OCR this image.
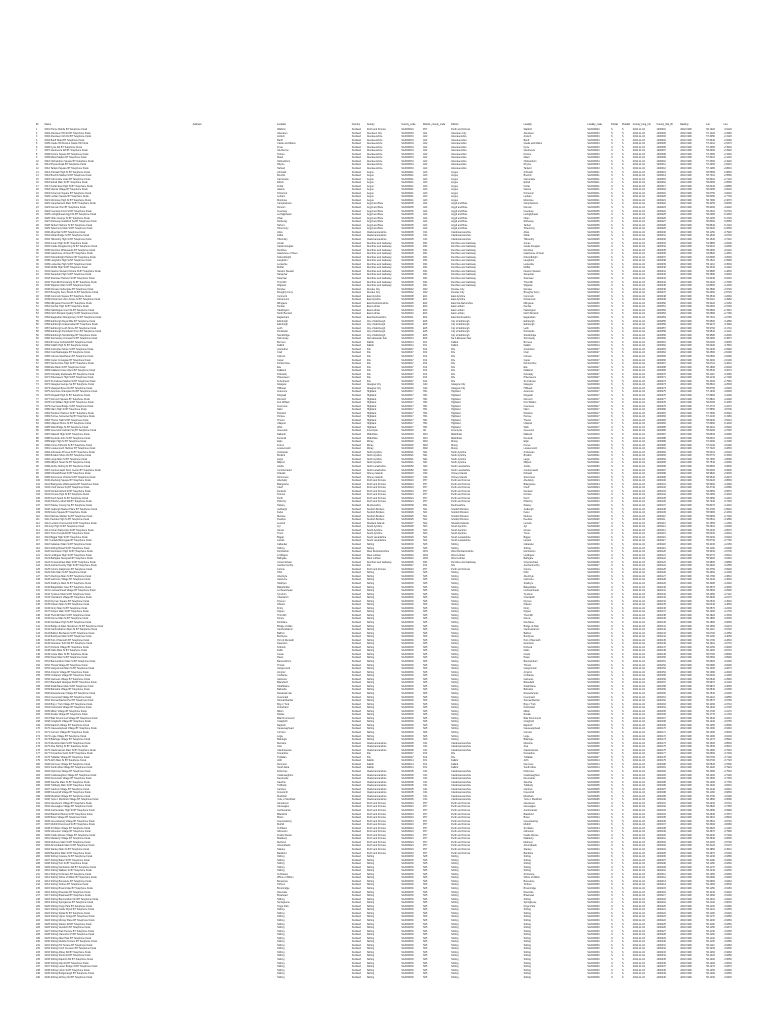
ID	Name	Address	Location	Country	County	County_code	District_county_code	District	Locality	Locality_code	Postal	Postal2	County_long_mil	County_lbls_ID	Easting	Lat	Lon
1	6001 Phone Mobile BT Telephone Kiosk		Watford	Scotland	Perth and Kinross	S12000024	P07	Perth and Kinross	Watford	S12000024	S	S	2010-11-04	1000001	2002 1999	56.1020	-3.9120
2	6002 Aberdeen Pitt Rd BT Telephone Kiosk		Aberdeen	Scotland	Aberdeen City	S12000033	A01	Aberdeen City	Aberdeen	S12000033	S	S	2010-11-04	1000002	2002 1999	57.1420	-2.0950
3	6003 Aberdeen Kirk Rd BT Telephone Kiosk		Ardoch	Scotland	Aberdeenshire	S12000034	A02	Aberdeenshire	Ardoch	S12000034	S	S	2010-11-04	1000003	2002 1999	57.3050	-2.3120
4	6004 Banff Road BT Telephone Kiosk		Banff	Scotland	Aberdeenshire	S12000034	A02	Aberdeenshire	Banff	S12000034	S	S	2010-11-04	1000004	2002 1999	57.6640	-2.5260
5	6005 Castle Hill Kiosk & Castle Hill Clock		Castle and Mains	Scotland	Aberdeenshire	S12000034	A02	Aberdeenshire	Castle and Mains	S12000034	S	S	2010-11-04	1000005	2002 1999	57.2410	-2.5470
6	6006 Fyvie Rd BT Telephone Kiosk		Fyvie	Scotland	Aberdeenshire	S12000034	A02	Aberdeenshire	Fyvie	S12000034	S	S	2010-11-04	1000006	2002 1999	57.4380	-2.3930
7	6007 Glenbervie Rd BT Telephone Kiosk		Glenbervie	Scotland	Aberdeenshire	S12000034	A02	Aberdeenshire	Glenbervie	S12000034	S	S	2010-11-04	1000007	2002 1999	56.9490	-2.3920
8	6008 Kintore Square BT Telephone Kiosk		Kintore	Scotland	Aberdeenshire	S12000034	A02	Aberdeenshire	Kintore	S12000034	S	S	2010-11-04	1000008	2002 1999	57.2380	-2.3460
9	6009 Maud Station BT Telephone Kiosk		Maud	Scotland	Aberdeenshire	S12000034	A02	Aberdeenshire	Maud	S12000034	S	S	2010-11-04	1000009	2002 1999	57.5210	-2.1240
10	6010 Oldmeldrum Square BT Telephone Kiosk		Oldmeldrum	Scotland	Aberdeenshire	S12000034	A02	Aberdeenshire	Oldmeldrum	S12000034	S	S	2010-11-04	1000010	2002 1999	57.3360	-2.3220
11	6011 Rhynie Road BT Telephone Kiosk		Rhynie	Scotland	Aberdeenshire	S12000034	A02	Aberdeenshire	Rhynie	S12000034	S	S	2010-11-04	1000011	2002 1999	57.3290	-2.8410
12	6012 Tarland Square BT Telephone Kiosk		Tarland	Scotland	Aberdeenshire	S12000034	A02	Aberdeenshire	Tarland	S12000034	S	S	2010-11-04	1000012	2002 1999	57.1280	-2.8610
13	6013 Arbroath High St BT Telephone Kiosk		Arbroath	Scotland	Angus	S12000041	A03	Angus	Arbroath	S12000041	S	S	2010-11-04	1000013	2002 1999	56.5580	-2.5830
14	6014 Brechin Market St BT Telephone Kiosk		Brechin	Scotland	Angus	S12000041	A03	Angus	Brechin	S12000041	S	S	2010-11-04	1000014	2002 1999	56.7310	-2.6560
15	6015 Carnoustie Links BT Telephone Kiosk		Carnoustie	Scotland	Angus	S12000041	A03	Angus	Carnoustie	S12000041	S	S	2010-11-04	1000015	2002 1999	56.5010	-2.7140
16	6016 Edzell Main St BT Telephone Kiosk		Edzell	Scotland	Angus	S12000041	A03	Angus	Edzell	S12000041	S	S	2010-11-04	1000016	2002 1999	56.8090	-2.6590
17	6017 Forfar East High St BT Telephone Kiosk		Forfar	Scotland	Angus	S12000041	A03	Angus	Forfar	S12000041	S	S	2010-11-04	1000017	2002 1999	56.6440	-2.8880
18	6018 Glamis Village BT Telephone Kiosk		Glamis	Scotland	Angus	S12000041	A03	Angus	Glamis	S12000041	S	S	2010-11-04	1000018	2002 1999	56.6060	-3.0020
19	6019 Kirriemuir Square BT Telephone Kiosk		Kirriemuir	Scotland	Angus	S12000041	A03	Angus	Kirriemuir	S12000041	S	S	2010-11-04	1000019	2002 1999	56.6750	-3.0040
20	6020 Letham Square BT Telephone Kiosk		Letham	Scotland	Angus	S12000041	A03	Angus	Letham	S12000041	S	S	2010-11-04	1000020	2002 1999	56.6280	-2.7700
21	6021 Montrose High St BT Telephone Kiosk		Montrose	Scotland	Angus	S12000041	A03	Angus	Montrose	S12000041	S	S	2010-11-04	1000021	2002 1999	56.7080	-2.4670
22	6022 Campbeltown Main St BT Telephone Kiosk		Campbeltown	Scotland	Argyll and Bute	S12000035	A04	Argyll and Bute	Campbeltown	S12000035	S	S	2010-11-04	1000022	2002 1999	55.4250	-5.6050
23	6023 Dunoon Pier BT Telephone Kiosk		Dunoon	Scotland	Argyll and Bute	S12000035	A04	Argyll and Bute	Dunoon	S12000035	S	S	2010-11-04	1000023	2002 1999	55.9490	-4.9240
24	6024 Inveraray Front St BT Telephone Kiosk		Inveraray	Scotland	Argyll and Bute	S12000035	A04	Argyll and Bute	Inveraray	S12000035	S	S	2010-11-04	1000024	2002 1999	56.2310	-5.0740
25	6025 Lochgilphead Argyll St BT Telephone Kiosk		Lochgilphead	Scotland	Argyll and Bute	S12000035	A04	Argyll and Bute	Lochgilphead	S12000035	S	S	2010-11-04	1000025	2002 1999	56.0380	-5.4330
26	6026 Oban George St BT Telephone Kiosk		Oban	Scotland	Argyll and Bute	S12000035	A04	Argyll and Bute	Oban	S12000035	S	S	2010-11-04	1000026	2002 1999	56.4150	-5.4720
27	6027 Rothesay Guildford Sq BT Telephone Kiosk		Rothesay	Scotland	Argyll and Bute	S12000035	A04	Argyll and Bute	Rothesay	S12000035	S	S	2010-11-04	1000027	2002 1999	55.8360	-5.0550
28	6028 Tarbert Harbour St BT Telephone Kiosk		Tarbert	Scotland	Argyll and Bute	S12000035	A04	Argyll and Bute	Tarbert	S12000035	S	S	2010-11-04	1000028	2002 1999	55.8640	-5.4140
29	6029 Tobermory Main St BT Telephone Kiosk		Tobermory	Scotland	Argyll and Bute	S12000035	A04	Argyll and Bute	Tobermory	S12000035	S	S	2010-11-04	1000029	2002 1999	56.6220	-6.0660
30	6030 Alloa Mar St BT Telephone Kiosk		Alloa	Scotland	Clackmannanshire	S12000005	C01	Clackmannanshire	Alloa	S12000005	S	S	2010-11-04	1000030	2002 1999	56.1150	-3.7920
31	6031 Dollar Bridge St BT Telephone Kiosk		Dollar	Scotland	Clackmannanshire	S12000005	C01	Clackmannanshire	Dollar	S12000005	S	S	2010-11-04	1000031	2002 1999	56.1630	-3.6720
32	6032 Tillicoultry High St BT Telephone Kiosk		Tillicoultry	Scotland	Clackmannanshire	S12000005	C01	Clackmannanshire	Tillicoultry	S12000005	S	S	2010-11-04	1000032	2002 1999	56.1530	-3.7410
33	6033 Annan High St BT Telephone Kiosk		Annan	Scotland	Dumfries and Galloway	S12000006	D01	Dumfries and Galloway	Annan	S12000006	S	S	2010-11-04	1000033	2002 1999	54.9880	-3.2600
34	6034 Castle Douglas King St BT Telephone Kiosk		Castle Douglas	Scotland	Dumfries and Galloway	S12000006	D01	Dumfries and Galloway	Castle Douglas	S12000006	S	S	2010-11-04	1000034	2002 1999	54.9410	-3.9300
35	6035 Dumfries Whitesands BT Telephone Kiosk		Dumfries	Scotland	Dumfries and Galloway	S12000006	D01	Dumfries and Galloway	Dumfries	S12000006	S	S	2010-11-04	1000035	2002 1999	55.0690	-3.6110
36	6036 Gatehouse of Fleet BT Telephone Kiosk		Gatehouse of Fleet	Scotland	Dumfries and Galloway	S12000006	D01	Dumfries and Galloway	Gatehouse of Fleet	S12000006	S	S	2010-11-04	1000036	2002 1999	54.8820	-4.1840
37	6037 Kirkcudbright Harbour BT Telephone Kiosk		Kirkcudbright	Scotland	Dumfries and Galloway	S12000006	D01	Dumfries and Galloway	Kirkcudbright	S12000006	S	S	2010-11-04	1000037	2002 1999	54.8380	-4.0500
38	6038 Langholm High St BT Telephone Kiosk		Langholm	Scotland	Dumfries and Galloway	S12000006	D01	Dumfries and Galloway	Langholm	S12000006	S	S	2010-11-04	1000038	2002 1999	55.1510	-2.9990
39	6039 Lockerbie High St BT Telephone Kiosk		Lockerbie	Scotland	Dumfries and Galloway	S12000006	D01	Dumfries and Galloway	Lockerbie	S12000006	S	S	2010-11-04	1000039	2002 1999	55.1210	-3.3530
40	6040 Moffat High St BT Telephone Kiosk		Moffat	Scotland	Dumfries and Galloway	S12000006	D01	Dumfries and Galloway	Moffat	S12000006	S	S	2010-11-04	1000040	2002 1999	55.3330	-3.4420
41	6041 Newton Stewart Victoria St BT Telephone Kiosk		Newton Stewart	Scotland	Dumfries and Galloway	S12000006	D01	Dumfries and Galloway	Newton Stewart	S12000006	S	S	2010-11-04	1000041	2002 1999	54.9580	-4.4830
42	6042 Sanquhar High St BT Telephone Kiosk		Sanquhar	Scotland	Dumfries and Galloway	S12000006	D01	Dumfries and Galloway	Sanquhar	S12000006	S	S	2010-11-04	1000042	2002 1999	55.3660	-3.9230
43	6043 Stranraer Harbour St BT Telephone Kiosk		Stranraer	Scotland	Dumfries and Galloway	S12000006	D01	Dumfries and Galloway	Stranraer	S12000006	S	S	2010-11-04	1000043	2002 1999	54.9040	-5.0240
44	6044 Thornhill Drumlanrig St BT Telephone Kiosk		Thornhill	Scotland	Dumfries and Galloway	S12000006	D01	Dumfries and Galloway	Thornhill	S12000006	S	S	2010-11-04	1000044	2002 1999	55.2420	-3.7690
45	6045 Wigtown Main St BT Telephone Kiosk		Wigtown	Scotland	Dumfries and Galloway	S12000006	D01	Dumfries and Galloway	Wigtown	S12000006	S	S	2010-11-04	1000045	2002 1999	54.8690	-4.4430
46	6046 Dundee Nethergate BT Telephone Kiosk		Dundee	Scotland	Dundee City	S12000042	D02	Dundee City	Dundee	S12000042	S	S	2010-11-04	1000046	2002 1999	56.4590	-2.9720
47	6047 Broughty Ferry Brook St BT Telephone Kiosk		Broughty Ferry	Scotland	Dundee City	S12000042	D02	Dundee City	Broughty Ferry	S12000042	S	S	2010-11-04	1000047	2002 1999	56.4660	-2.8720
48	6048 Cumnock Square BT Telephone Kiosk		Cumnock	Scotland	East Ayrshire	S12000008	E01	East Ayrshire	Cumnock	S12000008	S	S	2010-11-04	1000048	2002 1999	55.4540	-4.2640
49	6049 Kilmarnock John Finnie St BT Telephone Kiosk		Kilmarnock	Scotland	East Ayrshire	S12000008	E01	East Ayrshire	Kilmarnock	S12000008	S	S	2010-11-04	1000049	2002 1999	55.6110	-4.4960
50	6050 Milngavie Precinct BT Telephone Kiosk		Milngavie	Scotland	East Dunbartonshire	S12000045	E02	East Dunbartonshire	Milngavie	S12000045	S	S	2010-11-04	1000050	2002 1999	55.9420	-4.3150
51	6051 Dunbar High St BT Telephone Kiosk		Dunbar	Scotland	East Lothian	S12000010	E03	East Lothian	Dunbar	S12000010	S	S	2010-11-04	1000051	2002 1999	56.0020	-2.5160
52	6052 Haddington Court St BT Telephone Kiosk		Haddington	Scotland	East Lothian	S12000010	E03	East Lothian	Haddington	S12000010	S	S	2010-11-04	1000052	2002 1999	55.9560	-2.7810
53	6053 North Berwick Quality St BT Telephone Kiosk		North Berwick	Scotland	East Lothian	S12000010	E03	East Lothian	North Berwick	S12000010	S	S	2010-11-04	1000053	2002 1999	56.0580	-2.7180
54	6054 Eaglesham Montgomery St BT Telephone Kiosk		Eaglesham	Scotland	East Renfrewshire	S12000011	E04	East Renfrewshire	Eaglesham	S12000011	S	S	2010-11-04	1000054	2002 1999	55.7410	-4.2760
55	6055 Edinburgh Royal Mile BT Telephone Kiosk		Edinburgh	Scotland	City of Edinburgh	S12000036	E05	City of Edinburgh	Edinburgh	S12000036	S	S	2010-11-04	1000055	2002 1999	55.9500	-3.1880
56	6056 Edinburgh Grassmarket BT Telephone Kiosk		Edinburgh	Scotland	City of Edinburgh	S12000036	E05	City of Edinburgh	Edinburgh	S12000036	S	S	2010-11-04	1000056	2002 1999	55.9470	-3.1960
57	6057 Edinburgh Leith Shore BT Telephone Kiosk		Leith	Scotland	City of Edinburgh	S12000036	E05	City of Edinburgh	Leith	S12000036	S	S	2010-11-04	1000057	2002 1999	55.9760	-3.1710
58	6058 Edinburgh Portobello Prom BT Telephone Kiosk		Portobello	Scotland	City of Edinburgh	S12000036	E05	City of Edinburgh	Portobello	S12000036	S	S	2010-11-04	1000058	2002 1999	55.9540	-3.1110
59	6059 Edinburgh Stockbridge BT Telephone Kiosk		Stockbridge	Scotland	City of Edinburgh	S12000036	E05	City of Edinburgh	Stockbridge	S12000036	S	S	2010-11-04	1000059	2002 1999	55.9580	-3.2090
60	6060 Stornoway Cromwell St BT Telephone Kiosk		Stornoway	Scotland	Na h-Eileanan Siar	S12000013	E06	Na h-Eileanan Siar	Stornoway	S12000013	S	S	2010-11-04	1000060	2002 1999	58.2090	-6.3870
61	6061 Bo'ness Corbiehall BT Telephone Kiosk		Bo'ness	Scotland	Falkirk	S12000014	F01	Falkirk	Bo'ness	S12000014	S	S	2010-11-04	1000061	2002 1999	56.0160	-3.6050
62	6062 Falkirk High St BT Telephone Kiosk		Falkirk	Scotland	Falkirk	S12000014	F01	Falkirk	Falkirk	S12000014	S	S	2010-11-04	1000062	2002 1999	56.0020	-3.7840
63	6063 Anstruther Shore St BT Telephone Kiosk		Anstruther	Scotland	Fife	S12000047	F02	Fife	Anstruther	S12000047	S	S	2010-11-04	1000063	2002 1999	56.2230	-2.6990
64	6064 Crail Marketgate BT Telephone Kiosk		Crail	Scotland	Fife	S12000047	F02	Fife	Crail	S12000047	S	S	2010-11-04	1000064	2002 1999	56.2590	-2.6290
65	6065 Culross Sandhaven BT Telephone Kiosk		Culross	Scotland	Fife	S12000047	F02	Fife	Culross	S12000047	S	S	2010-11-04	1000065	2002 1999	56.0560	-3.6280
66	6066 Cupar Crossgate BT Telephone Kiosk		Cupar	Scotland	Fife	S12000047	F02	Fife	Cupar	S12000047	S	S	2010-11-04	1000066	2002 1999	56.3200	-3.0100
67	6067 Dunfermline High St BT Telephone Kiosk		Dunfermline	Scotland	Fife	S12000047	F02	Fife	Dunfermline	S12000047	S	S	2010-11-04	1000067	2002 1999	56.0710	-3.4610
68	6068 Elie Bank St BT Telephone Kiosk		Elie	Scotland	Fife	S12000047	F02	Fife	Elie	S12000047	S	S	2010-11-04	1000068	2002 1999	56.1890	-2.8200
69	6069 Falkland Cross Wynd BT Telephone Kiosk		Falkland	Scotland	Fife	S12000047	F02	Fife	Falkland	S12000047	S	S	2010-11-04	1000069	2002 1999	56.2540	-3.2070
70	6070 Kirkcaldy Esplanade BT Telephone Kiosk		Kirkcaldy	Scotland	Fife	S12000047	F02	Fife	Kirkcaldy	S12000047	S	S	2010-11-04	1000070	2002 1999	56.1110	-3.1580
71	6071 Pittenweem High St BT Telephone Kiosk		Pittenweem	Scotland	Fife	S12000047	F02	Fife	Pittenweem	S12000047	S	S	2010-11-04	1000071	2002 1999	56.2130	-2.7290
72	6072 St Andrews Market St BT Telephone Kiosk		St Andrews	Scotland	Fife	S12000047	F02	Fife	St Andrews	S12000047	S	S	2010-11-04	1000072	2002 1999	56.3400	-2.7950
73	6073 Glasgow George Sq BT Telephone Kiosk		Glasgow	Scotland	Glasgow City	S12000049	G01	Glasgow City	Glasgow	S12000049	S	S	2010-11-04	1000073	2002 1999	55.8610	-4.2500
74	6074 Glasgow Byres Rd BT Telephone Kiosk		Hillhead	Scotland	Glasgow City	S12000049	G01	Glasgow City	Hillhead	S12000049	S	S	2010-11-04	1000074	2002 1999	55.8750	-4.2930
75	6075 Aviemore Grampian Rd BT Telephone Kiosk		Aviemore	Scotland	Highland	S12000017	H01	Highland	Aviemore	S12000017	S	S	2010-11-04	1000075	2002 1999	57.1930	-3.8290
76	6076 Dingwall High St BT Telephone Kiosk		Dingwall	Scotland	Highland	S12000017	H01	Highland	Dingwall	S12000017	S	S	2010-11-04	1000076	2002 1999	57.5960	-4.4290
77	6077 Dornoch Square BT Telephone Kiosk		Dornoch	Scotland	Highland	S12000017	H01	Highland	Dornoch	S12000017	S	S	2010-11-04	1000077	2002 1999	57.8810	-4.0290
78	6078 Fort William High St BT Telephone Kiosk		Fort William	Scotland	Highland	S12000017	H01	Highland	Fort William	S12000017	S	S	2010-11-04	1000078	2002 1999	56.8190	-5.1050
79	6079 Inverness Bridge St BT Telephone Kiosk		Inverness	Scotland	Highland	S12000017	H01	Highland	Inverness	S12000017	S	S	2010-11-04	1000079	2002 1999	57.4770	-4.2270
80	6080 Nairn High St BT Telephone Kiosk		Nairn	Scotland	Highland	S12000017	H01	Highland	Nairn	S12000017	S	S	2010-11-04	1000080	2002 1999	57.5850	-3.8700
81	6081 Plockton Harbour St BT Telephone Kiosk		Plockton	Scotland	Highland	S12000017	H01	Highland	Plockton	S12000017	S	S	2010-11-04	1000081	2002 1999	57.3390	-5.6520
82	6082 Portree Somerled Sq BT Telephone Kiosk		Portree	Scotland	Highland	S12000017	H01	Highland	Portree	S12000017	S	S	2010-11-04	1000082	2002 1999	57.4130	-6.1950
83	6083 Thurso Traill St BT Telephone Kiosk		Thurso	Scotland	Highland	S12000017	H01	Highland	Thurso	S12000017	S	S	2010-11-04	1000083	2002 1999	58.5930	-3.5210
84	6084 Ullapool Shore St BT Telephone Kiosk		Ullapool	Scotland	Highland	S12000017	H01	Highland	Ullapool	S12000017	S	S	2010-11-04	1000084	2002 1999	57.8960	-5.1600
85	6085 Wick Bridge St BT Telephone Kiosk		Wick	Scotland	Highland	S12000017	H01	Highland	Wick	S12000017	S	S	2010-11-04	1000085	2002 1999	58.4410	-3.0930
86	6086 Greenock Cathcart Sq BT Telephone Kiosk		Greenock	Scotland	Inverclyde	S12000018	I01	Inverclyde	Greenock	S12000018	S	S	2010-11-04	1000086	2002 1999	55.9490	-4.7620
87	6087 Dalkeith High St BT Telephone Kiosk		Dalkeith	Scotland	Midlothian	S12000019	M01	Midlothian	Dalkeith	S12000019	S	S	2010-11-04	1000087	2002 1999	55.8940	-3.0680
88	6088 Penicuik John St BT Telephone Kiosk		Penicuik	Scotland	Midlothian	S12000019	M01	Midlothian	Penicuik	S12000019	S	S	2010-11-04	1000088	2002 1999	55.8310	-3.2230
89	6089 Elgin High St BT Telephone Kiosk		Elgin	Scotland	Moray	S12000020	M02	Moray	Elgin	S12000020	S	S	2010-11-04	1000089	2002 1999	57.6490	-3.3180
90	6090 Forres Tolbooth St BT Telephone Kiosk		Forres	Scotland	Moray	S12000020	M02	Moray	Forres	S12000020	S	S	2010-11-04	1000090	2002 1999	57.6100	-3.6180
91	6091 Lossiemouth Harbour BT Telephone Kiosk		Lossiemouth	Scotland	Moray	S12000020	M02	Moray	Lossiemouth	S12000020	S	S	2010-11-04	1000091	2002 1999	57.7220	-3.2830
92	6092 Ardrossan Princes St BT Telephone Kiosk		Ardrossan	Scotland	North Ayrshire	S12000021	N01	North Ayrshire	Ardrossan	S12000021	S	S	2010-11-04	1000092	2002 1999	55.6410	-4.8140
93	6093 Brodick Shore Rd BT Telephone Kiosk		Brodick	Scotland	North Ayrshire	S12000021	N01	North Ayrshire	Brodick	S12000021	S	S	2010-11-04	1000093	2002 1999	55.5770	-5.1500
94	6094 Largs Main St BT Telephone Kiosk		Largs	Scotland	North Ayrshire	S12000021	N01	North Ayrshire	Largs	S12000021	S	S	2010-11-04	1000094	2002 1999	55.7960	-4.8680
95	6095 Millport Stuart St BT Telephone Kiosk		Millport	Scotland	North Ayrshire	S12000021	N01	North Ayrshire	Millport	S12000021	S	S	2010-11-04	1000095	2002 1999	55.7540	-4.9260
96	6096 Airdrie Stirling St BT Telephone Kiosk		Airdrie	Scotland	North Lanarkshire	S12000050	N02	North Lanarkshire	Airdrie	S12000050	S	S	2010-11-04	1000096	2002 1999	55.8650	-3.9830
97	6097 Cumbernauld Town Centre BT Telephone Kiosk		Cumbernauld	Scotland	North Lanarkshire	S12000050	N02	North Lanarkshire	Cumbernauld	S12000050	S	S	2010-11-04	1000097	2002 1999	55.9460	-3.9900
98	6098 Kirkwall Broad St BT Telephone Kiosk		Kirkwall	Scotland	Orkney Islands	S12000023	O01	Orkney Islands	Kirkwall	S12000023	S	S	2010-11-04	1000098	2002 1999	58.9820	-2.9600
99	6099 Stromness Victoria St BT Telephone Kiosk		Stromness	Scotland	Orkney Islands	S12000023	O01	Orkney Islands	Stromness	S12000023	S	S	2010-11-04	1000099	2002 1999	58.9640	-3.2970
100	6100 Aberfeldy Square BT Telephone Kiosk		Aberfeldy	Scotland	Perth and Kinross	S12000024	P07	Perth and Kinross	Aberfeldy	S12000024	S	S	2010-11-04	1000100	2002 1999	56.6220	-3.8660
101	6101 Blairgowrie Wellmeadow BT Telephone Kiosk		Blairgowrie	Scotland	Perth and Kinross	S12000024	P07	Perth and Kinross	Blairgowrie	S12000024	S	S	2010-11-04	1000101	2002 1999	56.5900	-3.3390
102	6102 Crieff James Sq BT Telephone Kiosk		Crieff	Scotland	Perth and Kinross	S12000024	P07	Perth and Kinross	Crieff	S12000024	S	S	2010-11-04	1000102	2002 1999	56.3740	-3.8380
103	6103 Dunkeld Atholl St BT Telephone Kiosk		Dunkeld	Scotland	Perth and Kinross	S12000024	P07	Perth and Kinross	Dunkeld	S12000024	S	S	2010-11-04	1000103	2002 1999	56.5650	-3.5870
104	6104 Kinross High St BT Telephone Kiosk		Kinross	Scotland	Perth and Kinross	S12000024	P07	Perth and Kinross	Kinross	S12000024	S	S	2010-11-04	1000104	2002 1999	56.2050	-3.4240
105	6105 Perth South St BT Telephone Kiosk		Perth	Scotland	Perth and Kinross	S12000024	P07	Perth and Kinross	Perth	S12000024	S	S	2010-11-04	1000105	2002 1999	56.3950	-3.4310
106	6106 Pitlochry Atholl Rd BT Telephone Kiosk		Pitlochry	Scotland	Perth and Kinross	S12000024	P07	Perth and Kinross	Pitlochry	S12000024	S	S	2010-11-04	1000106	2002 1999	56.7040	-3.7300
107	6107 Paisley County Sq BT Telephone Kiosk		Paisley	Scotland	Renfrewshire	S12000038	R01	Renfrewshire	Paisley	S12000038	S	S	2010-11-04	1000107	2002 1999	55.8470	-4.4240
108	6108 Jedburgh Market Place BT Telephone Kiosk		Jedburgh	Scotland	Scottish Borders	S12000026	S01	Scottish Borders	Jedburgh	S12000026	S	S	2010-11-04	1000108	2002 1999	55.4780	-2.5540
109	6109 Kelso Square BT Telephone Kiosk		Kelso	Scotland	Scottish Borders	S12000026	S01	Scottish Borders	Kelso	S12000026	S	S	2010-11-04	1000109	2002 1999	55.5980	-2.4330
110	6110 Melrose Market Sq BT Telephone Kiosk		Melrose	Scotland	Scottish Borders	S12000026	S01	Scottish Borders	Melrose	S12000026	S	S	2010-11-04	1000110	2002 1999	55.5990	-2.7200
111	6111 Peebles High St BT Telephone Kiosk		Peebles	Scotland	Scottish Borders	S12000026	S01	Scottish Borders	Peebles	S12000026	S	S	2010-11-04	1000111	2002 1999	55.6510	-3.1880
112	6112 Lerwick Commercial St BT Telephone Kiosk		Lerwick	Scotland	Shetland Islands	S12000027	S02	Shetland Islands	Lerwick	S12000027	S	S	2010-11-04	1000112	2002 1999	60.1550	-1.1450
113	6113 Ayr High St BT Telephone Kiosk		Ayr	Scotland	South Ayrshire	S12000028	S03	South Ayrshire	Ayr	S12000028	S	S	2010-11-04	1000113	2002 1999	55.4610	-4.6290
114	6114 Girvan Dalrymple St BT Telephone Kiosk		Girvan	Scotland	South Ayrshire	S12000028	S03	South Ayrshire	Girvan	S12000028	S	S	2010-11-04	1000114	2002 1999	55.2430	-4.8570
115	6115 Troon Templehill BT Telephone Kiosk		Troon	Scotland	South Ayrshire	S12000028	S03	South Ayrshire	Troon	S12000028	S	S	2010-11-04	1000115	2002 1999	55.5430	-4.6610
116	6116 Biggar High St BT Telephone Kiosk		Biggar	Scotland	South Lanarkshire	S12000029	S04	South Lanarkshire	Biggar	S12000029	S	S	2010-11-04	1000116	2002 1999	55.6230	-3.5240
117	6117 Lanark Bloomgate BT Telephone Kiosk		Lanark	Scotland	South Lanarkshire	S12000029	S04	South Lanarkshire	Lanark	S12000029	S	S	2010-11-04	1000117	2002 1999	55.6730	-3.7790
118	6118 Callander Main St BT Telephone Kiosk		Callander	Scotland	Stirling	S12000030	S05	Stirling	Callander	S12000030	S	S	2010-11-04	1000118	2002 1999	56.2430	-4.2150
119	6119 Stirling Broad St BT Telephone Kiosk		Stirling	Scotland	Stirling	S12000030	S05	Stirling	Stirling	S12000030	S	S	2010-11-04	1000119	2002 1999	56.1190	-3.9400
120	6120 Dumbarton High St BT Telephone Kiosk		Dumbarton	Scotland	West Dunbartonshire	S12000039	W01	West Dunbartonshire	Dumbarton	S12000039	S	S	2010-11-04	1000120	2002 1999	55.9430	-4.5700
121	6121 Linlithgow High St BT Telephone Kiosk		Linlithgow	Scotland	West Lothian	S12000040	W02	West Lothian	Linlithgow	S12000040	S	S	2010-11-04	1000121	2002 1999	55.9770	-3.6010
122	6122 Bathgate Steelyard BT Telephone Kiosk		Bathgate	Scotland	West Lothian	S12000040	W02	West Lothian	Bathgate	S12000040	S	S	2010-11-04	1000122	2002 1999	55.9020	-3.6440
123	6123 Crossmichael Main St BT Telephone Kiosk		Crossmichael	Scotland	Dumfries and Galloway	S12000006	D01	Dumfries and Galloway	Crossmichael	S12000006	S	S	2010-11-04	1000123	2002 1999	54.9800	-3.9880
124	6124 Auchtermuchty High St BT Telephone Kiosk		Auchtermuchty	Scotland	Fife	S12000047	F02	Fife	Auchtermuchty	S12000047	S	S	2010-11-04	1000124	2002 1999	56.2920	-3.2350
125	6125 Comrie Dalginross BT Telephone Kiosk		Comrie	Scotland	Perth and Kinross	S12000024	P07	Perth and Kinross	Comrie	S12000024	S	S	2010-11-04	1000125	2002 1999	56.3750	-3.9900
126	6126 Killin Main St BT Telephone Kiosk		Killin	Scotland	Stirling	S12000030	S05	Stirling	Killin	S12000030	S	S	2010-11-04	1000126	2002 1999	56.4660	-4.3190
127	6127 Aberfoyle Main St BT Telephone Kiosk		Aberfoyle	Scotland	Stirling	S12000030	S05	Stirling	Aberfoyle	S12000030	S	S	2010-11-04	1000127	2002 1999	56.1780	-4.3810
128	6128 Gartmore Village BT Telephone Kiosk		Gartmore	Scotland	Stirling	S12000030	S05	Stirling	Gartmore	S12000030	S	S	2010-11-04	1000128	2002 1999	56.1440	-4.3640
129	6129 Strathyre Main St BT Telephone Kiosk		Strathyre	Scotland	Stirling	S12000030	S05	Stirling	Strathyre	S12000030	S	S	2010-11-04	1000129	2002 1999	56.3280	-4.3320
130	6130 Balquhidder Glen BT Telephone Kiosk		Balquhidder	Scotland	Stirling	S12000030	S05	Stirling	Balquhidder	S12000030	S	S	2010-11-04	1000130	2002 1999	56.3570	-4.3690
131	6131 Lochearnhead Village BT Telephone Kiosk		Lochearnhead	Scotland	Stirling	S12000030	S05	Stirling	Lochearnhead	S12000030	S	S	2010-11-04	1000131	2002 1999	56.3900	-4.2900
132	6132 Tyndrum Main St BT Telephone Kiosk		Tyndrum	Scotland	Stirling	S12000030	S05	Stirling	Tyndrum	S12000030	S	S	2010-11-04	1000132	2002 1999	56.4350	-4.7110
133	6133 Crianlarich Village BT Telephone Kiosk		Crianlarich	Scotland	Stirling	S12000030	S05	Stirling	Crianlarich	S12000030	S	S	2010-11-04	1000133	2002 1999	56.3930	-4.6170
134	6134 Drymen Square BT Telephone Kiosk		Drymen	Scotland	Stirling	S12000030	S05	Stirling	Drymen	S12000030	S	S	2010-11-04	1000134	2002 1999	56.0640	-4.4520
135	6135 Killearn Main St BT Telephone Kiosk		Killearn	Scotland	Stirling	S12000030	S05	Stirling	Killearn	S12000030	S	S	2010-11-04	1000135	2002 1999	56.0440	-4.3660
136	6136 Fintry Main St BT Telephone Kiosk		Fintry	Scotland	Stirling	S12000030	S05	Stirling	Fintry	S12000030	S	S	2010-11-04	1000136	2002 1999	56.0570	-4.2230
137	6137 Kippen Main St BT Telephone Kiosk		Kippen	Scotland	Stirling	S12000030	S05	Stirling	Kippen	S12000030	S	S	2010-11-04	1000137	2002 1999	56.1260	-4.1730
138	6138 Thornhill Main St BT Telephone Kiosk		Thornhill	Scotland	Stirling	S12000030	S05	Stirling	Thornhill	S12000030	S	S	2010-11-04	1000138	2002 1999	56.1820	-4.1530
139	6139 Doune Main St BT Telephone Kiosk		Doune	Scotland	Stirling	S12000030	S05	Stirling	Doune	S12000030	S	S	2010-11-04	1000139	2002 1999	56.1850	-4.0500
140	6140 Dunblane High St BT Telephone Kiosk		Dunblane	Scotland	Stirling	S12000030	S05	Stirling	Dunblane	S12000030	S	S	2010-11-04	1000140	2002 1999	56.1890	-3.9650
141	6141 Bridge of Allan Henderson St BT Telephone Kiosk		Bridge of Allan	Scotland	Stirling	S12000030	S05	Stirling	Bridge of Allan	S12000030	S	S	2010-11-04	1000141	2002 1999	56.1550	-3.9470
142	6142 Cambusbarron Main St BT Telephone Kiosk		Cambusbarron	Scotland	Stirling	S12000030	S05	Stirling	Cambusbarron	S12000030	S	S	2010-11-04	1000142	2002 1999	56.1110	-3.9720
143	6143 Balfron Buchanan St BT Telephone Kiosk		Balfron	Scotland	Stirling	S12000030	S05	Stirling	Balfron	S12000030	S	S	2010-11-04	1000143	2002 1999	56.0700	-4.3350
144	6144 Buchlyvie Main St BT Telephone Kiosk		Buchlyvie	Scotland	Stirling	S12000030	S05	Stirling	Buchlyvie	S12000030	S	S	2010-11-04	1000144	2002 1999	56.1190	-4.3050
145	6145 Port of Menteith BT Telephone Kiosk		Port of Menteith	Scotland	Stirling	S12000030	S05	Stirling	Port of Menteith	S12000030	S	S	2010-11-04	1000145	2002 1999	56.1790	-4.2810
146	6146 Deanston Teith Rd BT Telephone Kiosk		Deanston	Scotland	Stirling	S12000030	S05	Stirling	Deanston	S12000030	S	S	2010-11-04	1000146	2002 1999	56.1910	-4.0710
147	6147 Kinbuck Village BT Telephone Kiosk		Kinbuck	Scotland	Stirling	S12000030	S05	Stirling	Kinbuck	S12000030	S	S	2010-11-04	1000147	2002 1999	56.2150	-3.9600
148	6148 Fallin Main St BT Telephone Kiosk		Fallin	Scotland	Stirling	S12000030	S05	Stirling	Fallin	S12000030	S	S	2010-11-04	1000148	2002 1999	56.1020	-3.8710
149	6149 Cowie Main St BT Telephone Kiosk		Cowie	Scotland	Stirling	S12000030	S05	Stirling	Cowie	S12000030	S	S	2010-11-04	1000149	2002 1999	56.0790	-3.8690
150	6150 Plean Main St BT Telephone Kiosk		Plean	Scotland	Stirling	S12000030	S05	Stirling	Plean	S12000030	S	S	2010-11-04	1000150	2002 1999	56.0660	-3.8900
151	6151 Bannockburn Main St BT Telephone Kiosk		Bannockburn	Scotland	Stirling	S12000030	S05	Stirling	Bannockburn	S12000030	S	S	2010-11-04	1000151	2002 1999	56.0920	-3.9160
152	6152 Throsk Village BT Telephone Kiosk		Throsk	Scotland	Stirling	S12000030	S05	Stirling	Throsk	S12000030	S	S	2010-11-04	1000152	2002 1999	56.0980	-3.8290
153	6153 Gargunnock Main St BT Telephone Kiosk		Gargunnock	Scotland	Stirling	S12000030	S05	Stirling	Gargunnock	S12000030	S	S	2010-11-04	1000153	2002 1999	56.1300	-4.0670
154	6154 Arnprior Village BT Telephone Kiosk		Arnprior	Scotland	Stirling	S12000030	S05	Stirling	Arnprior	S12000030	S	S	2010-11-04	1000154	2002 1999	56.1380	-4.2000
155	6155 Croftamie Village BT Telephone Kiosk		Croftamie	Scotland	Stirling	S12000030	S05	Stirling	Croftamie	S12000030	S	S	2010-11-04	1000155	2002 1999	56.0420	-4.4490
156	6156 Gartness Village BT Telephone Kiosk		Gartness	Scotland	Stirling	S12000030	S05	Stirling	Gartness	S12000030	S	S	2010-11-04	1000156	2002 1999	56.0540	-4.3950
157	6157 Blanefield Glasgow Rd BT Telephone Kiosk		Blanefield	Scotland	Stirling	S12000030	S05	Stirling	Blanefield	S12000030	S	S	2010-11-04	1000157	2002 1999	55.9970	-4.3120
158	6158 Strathblane Main St BT Telephone Kiosk		Strathblane	Scotland	Stirling	S12000030	S05	Stirling	Strathblane	S12000030	S	S	2010-11-04	1000158	2002 1999	55.9870	-4.3050
159	6159 Balmaha Village BT Telephone Kiosk		Balmaha	Scotland	Stirling	S12000030	S05	Stirling	Balmaha	S12000030	S	S	2010-11-04	1000159	2002 1999	56.0840	-4.5390
160	6160 Rowardennan Village BT Telephone Kiosk		Rowardennan	Scotland	Stirling	S12000030	S05	Stirling	Rowardennan	S12000030	S	S	2010-11-04	1000160	2002 1999	56.1540	-4.6400
161	6161 Inversnaid Village BT Telephone Kiosk		Inversnaid	Scotland	Stirling	S12000030	S05	Stirling	Inversnaid	S12000030	S	S	2010-11-04	1000161	2002 1999	56.2410	-4.6850
162	6162 Stronachlachar Pier BT Telephone Kiosk		Stronachlachar	Scotland	Stirling	S12000030	S05	Stirling	Stronachlachar	S12000030	S	S	2010-11-04	1000162	2002 1999	56.2570	-4.5780
163	6163 Brig o' Turk Village BT Telephone Kiosk		Brig o' Turk	Scotland	Stirling	S12000030	S05	Stirling	Brig o' Turk	S12000030	S	S	2010-11-04	1000163	2002 1999	56.2290	-4.3710
164	6164 Kinlochard Village BT Telephone Kiosk		Kinlochard	Scotland	Stirling	S12000030	S05	Stirling	Kinlochard	S12000030	S	S	2010-11-04	1000164	2002 1999	56.1940	-4.4720
165	6165 Milton Village BT Telephone Kiosk		Milton	Scotland	Stirling	S12000030	S05	Stirling	Milton	S12000030	S	S	2010-11-04	1000165	2002 1999	56.1790	-4.4170
166	6166 Ruskie Village BT Telephone Kiosk		Ruskie	Scotland	Stirling	S12000030	S05	Stirling	Ruskie	S12000030	S	S	2010-11-04	1000166	2002 1999	56.1770	-4.1740
167	6167 Blair Drummond Village BT Telephone Kiosk		Blair Drummond	Scotland	Stirling	S12000030	S05	Stirling	Blair Drummond	S12000030	S	S	2010-11-04	1000167	2002 1999	56.1640	-4.0210
168	6168 Craigforth Village BT Telephone Kiosk		Craigforth	Scotland	Stirling	S12000030	S05	Stirling	Craigforth	S12000030	S	S	2010-11-04	1000168	2002 1999	56.1240	-3.9750
169	6169 Raploch Village BT Telephone Kiosk		Raploch	Scotland	Stirling	S12000030	S05	Stirling	Raploch	S12000030	S	S	2010-11-04	1000169	2002 1999	56.1250	-3.9590
170	6170 Causewayhead Village BT Telephone Kiosk		Causewayhead	Scotland	Stirling	S12000030	S05	Stirling	Causewayhead	S12000030	S	S	2010-11-04	1000170	2002 1999	56.1360	-3.9340
171	6171 Cornton Village BT Telephone Kiosk		Cornton	Scotland	Stirling	S12000030	S05	Stirling	Cornton	S12000030	S	S	2010-11-04	1000171	2002 1999	56.1390	-3.9530
172	6172 Logie Village BT Telephone Kiosk		Logie	Scotland	Stirling	S12000030	S05	Stirling	Logie	S12000030	S	S	2010-11-04	1000172	2002 1999	56.1480	-3.9130
173	6173 Blairlogie Village BT Telephone Kiosk		Blairlogie	Scotland	Stirling	S12000030	S05	Stirling	Blairlogie	S12000030	S	S	2010-11-04	1000173	2002 1999	56.1470	-3.8940
174	6174 Menstrie Main St BT Telephone Kiosk		Menstrie	Scotland	Clackmannanshire	S12000005	C01	Clackmannanshire	Menstrie	S12000005	S	S	2010-11-04	1000174	2002 1999	56.1500	-3.8530
175	6175 Alva Stirling St BT Telephone Kiosk		Alva	Scotland	Clackmannanshire	S12000005	C01	Clackmannanshire	Alva	S12000005	S	S	2010-11-04	1000175	2002 1999	56.1530	-3.8010
176	6176 Clackmannan Main St BT Telephone Kiosk		Clackmannan	Scotland	Clackmannanshire	S12000005	C01	Clackmannanshire	Clackmannan	S12000005	S	S	2010-11-04	1000176	2002 1999	56.1060	-3.7520
177	6177 Kincardine Keith St BT Telephone Kiosk		Kincardine	Scotland	Fife	S12000047	F02	Fife	Kincardine	S12000047	S	S	2010-11-04	1000177	2002 1999	56.0690	-3.7230
178	6178 Tulliallan Village BT Telephone Kiosk		Tulliallan	Scotland	Fife	S12000047	F02	Fife	Tulliallan	S12000047	S	S	2010-11-04	1000178	2002 1999	56.0760	-3.7190
179	6179 Airth Main St BT Telephone Kiosk		Airth	Scotland	Falkirk	S12000014	F01	Falkirk	Airth	S12000014	S	S	2010-11-04	1000179	2002 1999	56.0700	-3.7720
180	6180 Dunmore Village BT Telephone Kiosk		Dunmore	Scotland	Falkirk	S12000014	F01	Falkirk	Dunmore	S12000014	S	S	2010-11-04	1000180	2002 1999	56.0540	-3.7800
181	6181 South Alloa Village BT Telephone Kiosk		South Alloa	Scotland	Falkirk	S12000014	F01	Falkirk	South Alloa	S12000014	S	S	2010-11-04	1000181	2002 1999	56.1020	-3.7920
182	6182 Fishcross Village BT Telephone Kiosk		Fishcross	Scotland	Clackmannanshire	S12000005	C01	Clackmannanshire	Fishcross	S12000005	S	S	2010-11-04	1000182	2002 1999	56.1380	-3.7540
183	6183 Coalsnaughton Village BT Telephone Kiosk		Coalsnaughton	Scotland	Clackmannanshire	S12000005	C01	Clackmannanshire	Coalsnaughton	S12000005	S	S	2010-11-04	1000183	2002 1999	56.1400	-3.7290
184	6184 Devonside Village BT Telephone Kiosk		Devonside	Scotland	Clackmannanshire	S12000005	C01	Clackmannanshire	Devonside	S12000005	S	S	2010-11-04	1000184	2002 1999	56.1500	-3.7330
185	6185 Sauchie Main St BT Telephone Kiosk		Sauchie	Scotland	Clackmannanshire	S12000005	C01	Clackmannanshire	Sauchie	S12000005	S	S	2010-11-04	1000185	2002 1999	56.1290	-3.7750
186	6186 Tullibody Main St BT Telephone Kiosk		Tullibody	Scotland	Clackmannanshire	S12000005	C01	Clackmannanshire	Tullibody	S12000005	S	S	2010-11-04	1000186	2002 1999	56.1320	-3.8310
187	6187 Cambus Village BT Telephone Kiosk		Cambus	Scotland	Clackmannanshire	S12000005	C01	Clackmannanshire	Cambus	S12000005	S	S	2010-11-04	1000187	2002 1999	56.1240	-3.8310
188	6188 Forestmill Village BT Telephone Kiosk		Forestmill	Scotland	Clackmannanshire	S12000005	C01	Clackmannanshire	Forestmill	S12000005	S	S	2010-11-04	1000188	2002 1999	56.1190	-3.6830
189	6189 Muckhart Village BT Telephone Kiosk		Muckhart	Scotland	Clackmannanshire	S12000005	C01	Clackmannanshire	Muckhart	S12000005	S	S	2010-11-04	1000189	2002 1999	56.1790	-3.6180
190	6190 Yetts o' Muckhart Village BT Telephone Kiosk		Yetts o' Muckhart	Scotland	Clackmannanshire	S12000005	C01	Clackmannanshire	Yetts o' Muckhart	S12000005	S	S	2010-11-04	1000190	2002 1999	56.1860	-3.6080
191	6191 Glendevon Village BT Telephone Kiosk		Glendevon	Scotland	Perth and Kinross	S12000024	P07	Perth and Kinross	Glendevon	S12000024	S	S	2010-11-04	1000191	2002 1999	56.2230	-3.6710
192	6192 Gleneagles Village BT Telephone Kiosk		Gleneagles	Scotland	Perth and Kinross	S12000024	P07	Perth and Kinross	Gleneagles	S12000024	S	S	2010-11-04	1000192	2002 1999	56.2820	-3.7450
193	6193 Auchterarder High St BT Telephone Kiosk		Auchterarder	Scotland	Perth and Kinross	S12000024	P07	Perth and Kinross	Auchterarder	S12000024	S	S	2010-11-04	1000193	2002 1999	56.2950	-3.6980
194	6194 Blackford Moray St BT Telephone Kiosk		Blackford	Scotland	Perth and Kinross	S12000024	P07	Perth and Kinross	Blackford	S12000024	S	S	2010-11-04	1000194	2002 1999	56.2640	-3.7870
195	6195 Braco Village BT Telephone Kiosk		Braco	Scotland	Perth and Kinross	S12000024	P07	Perth and Kinross	Braco	S12000024	S	S	2010-11-04	1000195	2002 1999	56.2610	-3.8930
196	6196 Greenloaning Village BT Telephone Kiosk		Greenloaning	Scotland	Perth and Kinross	S12000024	P07	Perth and Kinross	Greenloaning	S12000024	S	S	2010-11-04	1000196	2002 1999	56.2510	-3.8740
197	6197 Muthill Drummond St BT Telephone Kiosk		Muthill	Scotland	Perth and Kinross	S12000024	P07	Perth and Kinross	Muthill	S12000024	S	S	2010-11-04	1000197	2002 1999	56.3300	-3.8280
198	6198 St Fillans Village BT Telephone Kiosk		St Fillans	Scotland	Perth and Kinross	S12000024	P07	Perth and Kinross	St Fillans	S12000024	S	S	2010-11-04	1000198	2002 1999	56.3920	-4.1100
199	6199 Gilmerton Village BT Telephone Kiosk		Gilmerton	Scotland	Perth and Kinross	S12000024	P07	Perth and Kinross	Gilmerton	S12000024	S	S	2010-11-04	1000199	2002 1999	56.3970	-3.7980
200	6200 Fowlis Wester Village BT Telephone Kiosk		Fowlis Wester	Scotland	Perth and Kinross	S12000024	P07	Perth and Kinross	Fowlis Wester	S12000024	S	S	2010-11-04	1000200	2002 1999	56.4040	-3.7430
201	6201 Madderty Village BT Telephone Kiosk		Madderty	Scotland	Perth and Kinross	S12000024	P07	Perth and Kinross	Madderty	S12000024	S	S	2010-11-04	1000201	2002 1999	56.3940	-3.6690
202	6202 Methven Main St BT Telephone Kiosk		Methven	Scotland	Perth and Kinross	S12000024	P07	Perth and Kinross	Methven	S12000024	S	S	2010-11-04	1000202	2002 1999	56.4160	-3.5700
203	6203 Almondbank Main St BT Telephone Kiosk		Almondbank	Scotland	Perth and Kinross	S12000024	P07	Perth and Kinross	Almondbank	S12000024	S	S	2010-11-04	1000203	2002 1999	56.4120	-3.5170
204	6204 Stanley Main St BT Telephone Kiosk		Stanley	Scotland	Perth and Kinross	S12000024	P07	Perth and Kinross	Stanley	S12000024	S	S	2010-11-04	1000204	2002 1999	56.4850	-3.4510
205	6205 Bankfoot Main St BT Telephone Kiosk		Bankfoot	Scotland	Perth and Kinross	S12000024	P07	Perth and Kinross	Bankfoot	S12000024	S	S	2010-11-04	1000205	2002 1999	56.4970	-3.5150
206	6206 Stirling Cowane St BT Telephone Kiosk		Stirling	Scotland	Stirling	S12000030	S05	Stirling	Stirling	S12000030	S	S	2010-11-04	1000206	2002 1999	56.1230	-3.9380
207	6207 Stirling Baker St BT Telephone Kiosk		Stirling	Scotland	Stirling	S12000030	S05	Stirling	Stirling	S12000030	S	S	2010-11-04	1000207	2002 1999	56.1180	-3.9390
208	6208 Stirling Port St BT Telephone Kiosk		Stirling	Scotland	Stirling	S12000030	S05	Stirling	Stirling	S12000030	S	S	2010-11-04	1000208	2002 1999	56.1160	-3.9360
209	6209 Stirling Dumbarton Rd BT Telephone Kiosk		Stirling	Scotland	Stirling	S12000030	S05	Stirling	Stirling	S12000030	S	S	2010-11-04	1000209	2002 1999	56.1170	-3.9430
210	6210 Stirling Wallace St BT Telephone Kiosk		Stirling	Scotland	Stirling	S12000030	S05	Stirling	Stirling	S12000030	S	S	2010-11-04	1000210	2002 1999	56.1240	-3.9330
211	6211 Stirling St Ninians BT Telephone Kiosk		St Ninians	Scotland	Stirling	S12000030	S05	Stirling	St Ninians	S12000030	S	S	2010-11-04	1000211	2002 1999	56.1050	-3.9360
212	6212 Stirling Whins of Milton BT Telephone Kiosk		Whins of Milton	Scotland	Stirling	S12000030	S05	Stirling	Whins of Milton	S12000030	S	S	2010-11-04	1000212	2002 1999	56.0990	-3.9290
213	6213 Stirling Borestone BT Telephone Kiosk		Borestone	Scotland	Stirling	S12000030	S05	Stirling	Borestone	S12000030	S	S	2010-11-04	1000213	2002 1999	56.0960	-3.9440
214	6214 Stirling Torbrex BT Telephone Kiosk		Torbrex	Scotland	Stirling	S12000030	S05	Stirling	Torbrex	S12000030	S	S	2010-11-04	1000214	2002 1999	56.1060	-3.9530
215	6215 Stirling Broomridge BT Telephone Kiosk		Broomridge	Scotland	Stirling	S12000030	S05	Stirling	Broomridge	S12000030	S	S	2010-11-04	1000215	2002 1999	56.1150	-3.9150
216	6216 Stirling Riverside BT Telephone Kiosk		Riverside	Scotland	Stirling	S12000030	S05	Stirling	Riverside	S12000030	S	S	2010-11-04	1000216	2002 1999	56.1240	-3.9240
217	6217 Stirling Braehead BT Telephone Kiosk		Braehead	Scotland	Stirling	S12000030	S05	Stirling	Braehead	S12000030	S	S	2010-11-04	1000217	2002 1999	56.1090	-3.9160
218	6218 Stirling Bannockburn Rd BT Telephone Kiosk		Stirling	Scotland	Stirling	S12000030	S05	Stirling	Stirling	S12000030	S	S	2010-11-04	1000218	2002 1999	56.1010	-3.9240
219	6219 Stirling Springkerse BT Telephone Kiosk		Springkerse	Scotland	Stirling	S12000030	S05	Stirling	Springkerse	S12000030	S	S	2010-11-04	1000219	2002 1999	56.1140	-3.9040
220	6220 Stirling Kings Park BT Telephone Kiosk		Kings Park	Scotland	Stirling	S12000030	S05	Stirling	Kings Park	S12000030	S	S	2010-11-04	1000220	2002 1999	56.1140	-3.9480
221	6221 Stirling Castle Wynd BT Telephone Kiosk		Stirling	Scotland	Stirling	S12000030	S05	Stirling	Stirling	S12000030	S	S	2010-11-04	1000221	2002 1999	56.1210	-3.9450
222	6222 Stirling Spittal St BT Telephone Kiosk		Stirling	Scotland	Stirling	S12000030	S05	Stirling	Stirling	S12000030	S	S	2010-11-04	1000222	2002 1999	56.1190	-3.9420
223	6223 Stirling Upper Craigs BT Telephone Kiosk		Stirling	Scotland	Stirling	S12000030	S05	Stirling	Stirling	S12000030	S	S	2010-11-04	1000223	2002 1999	56.1170	-3.9350
224	6224 Stirling Murray Place BT Telephone Kiosk		Stirling	Scotland	Stirling	S12000030	S05	Stirling	Stirling	S12000030	S	S	2010-11-04	1000224	2002 1999	56.1200	-3.9360
225	6225 Stirling Station Rd BT Telephone Kiosk		Stirling	Scotland	Stirling	S12000030	S05	Stirling	Stirling	S12000030	S	S	2010-11-04	1000225	2002 1999	56.1190	-3.9350
226	6226 Stirling Viewforth BT Telephone Kiosk		Stirling	Scotland	Stirling	S12000030	S05	Stirling	Stirling	S12000030	S	S	2010-11-04	1000226	2002 1999	56.1150	-3.9370
227	6227 Stirling Park Terrace BT Telephone Kiosk		Stirling	Scotland	Stirling	S12000030	S05	Stirling	Stirling	S12000030	S	S	2010-11-04	1000227	2002 1999	56.1130	-3.9450
228	6228 Stirling Clarendon Pl BT Telephone Kiosk		Stirling	Scotland	Stirling	S12000030	S05	Stirling	Stirling	S12000030	S	S	2010-11-04	1000228	2002 1999	56.1160	-3.9440
229	6229 Stirling Allan Park BT Telephone Kiosk		Stirling	Scotland	Stirling	S12000030	S05	Stirling	Stirling	S12000030	S	S	2010-11-04	1000229	2002 1999	56.1140	-3.9410
230	6230 Stirling Melville Terrace BT Telephone Kiosk		Stirling	Scotland	Stirling	S12000030	S05	Stirling	Stirling	S12000030	S	S	2010-11-04	1000230	2002 1999	56.1130	-3.9380
231	6231 Stirling Pitt Terrace BT Telephone Kiosk		Stirling	Scotland	Stirling	S12000030	S05	Stirling	Stirling	S12000030	S	S	2010-11-04	1000231	2002 1999	56.1110	-3.9360
232	6232 Stirling Forth Crescent BT Telephone Kiosk		Stirling	Scotland	Stirling	S12000030	S05	Stirling	Stirling	S12000030	S	S	2010-11-04	1000232	2002 1999	56.1230	-3.9300
233	6233 Stirling Abbey Rd BT Telephone Kiosk		Stirling	Scotland	Stirling	S12000030	S05	Stirling	Stirling	S12000030	S	S	2010-11-04	1000233	2002 1999	56.1260	-3.9260
234	6234 Stirling Shore Rd BT Telephone Kiosk		Stirling	Scotland	Stirling	S12000030	S05	Stirling	Stirling	S12000030	S	S	2010-11-04	1000234	2002 1999	56.1220	-3.9280
235	6235 Stirling Raploch Rd BT Telephone Kiosk		Stirling	Scotland	Stirling	S12000030	S05	Stirling	Stirling	S12000030	S	S	2010-11-04	1000235	2002 1999	56.1260	-3.9550
236	6236 Stirling Drip Rd BT Telephone Kiosk		Stirling	Scotland	Stirling	S12000030	S05	Stirling	Stirling	S12000030	S	S	2010-11-04	1000236	2002 1999	56.1290	-3.9630
237	6237 Stirling Lower Bridge St BT Telephone Kiosk		Stirling	Scotland	Stirling	S12000030	S05	Stirling	Stirling	S12000030	S	S	2010-11-04	1000237	2002 1999	56.1270	-3.9370
238	6238 Stirling Union St BT Telephone Kiosk		Stirling	Scotland	Stirling	S12000030	S05	Stirling	Stirling	S12000030	S	S	2010-11-04	1000238	2002 1999	56.1250	-3.9390
239	6239 Stirling Bridgehaugh BT Telephone Kiosk		Stirling	Scotland	Stirling	S12000030	S05	Stirling	Stirling	S12000030	S	S	2010-11-04	1000239	2002 1999	56.1290	-3.9360
240	6240 Stirling Airthrey Rd BT Telephone Kiosk		Stirling	Scotland	Stirling	S12000030	S05	Stirling	Stirling	S12000030	S	S	2010-11-04	1000240	2002 1999	56.1400	-3.9320
